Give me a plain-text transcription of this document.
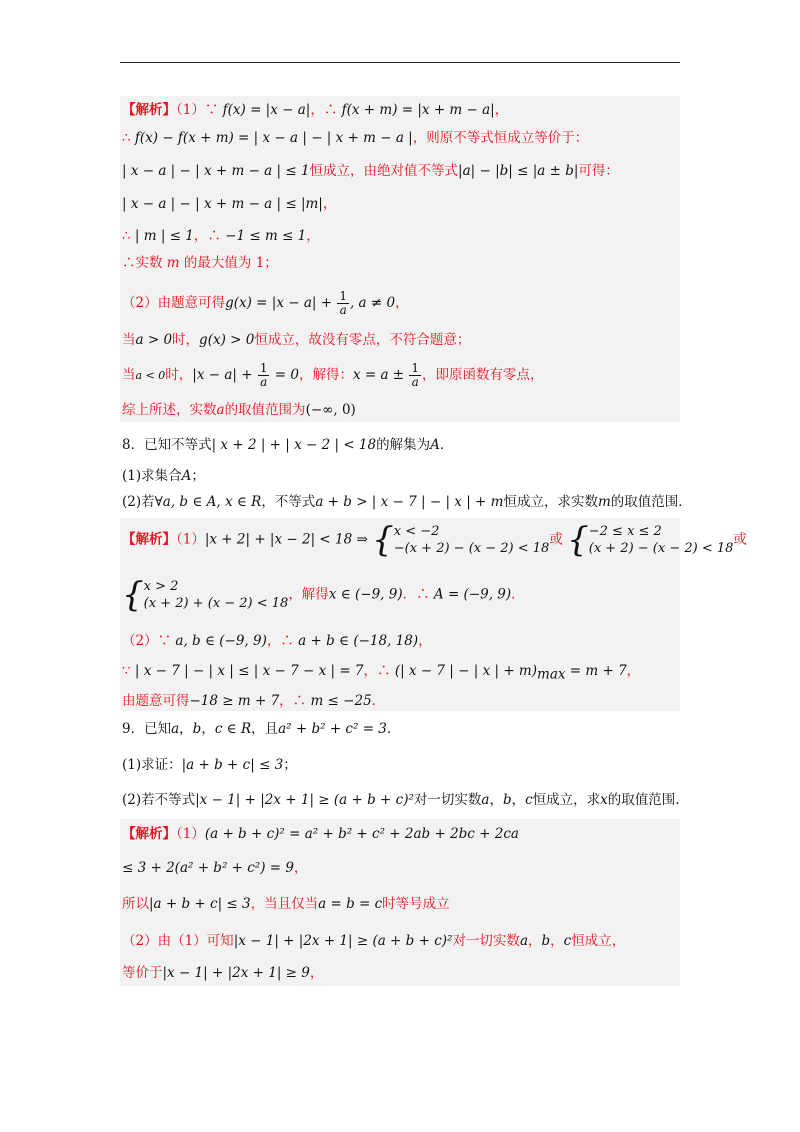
【解析】（1）∵ f(x) = |x − a|，∴ f(x + m) = |x + m − a|，
∴ f(x) − f(x + m) = | x − a | − | x + m − a |，则原不等式恒成立等价于：
| x − a | − | x + m − a | ≤ 1恒成立，由绝对值不等式|a| − |b| ≤ |a ± b|可得：
| x − a | − | x + m − a | ≤ |m|，
∴ | m | ≤ 1，∴ −1 ≤ m ≤ 1，
∴实数 m 的最大值为 1；
（2）由题意可得$g(x) = |x - a| + \frac{1}{a}$ , a ≠ 0，
当a > 0时，g(x) > 0恒成立，故没有零点，不符合题意；
当a < 0时，$|x - a| + \frac{1}{a} = 0$，解得：$x = a \pm \frac{1}{a}$ ，即原函数有零点，
综上所述，实数a的取值范围为(−∞, 0)
8．已知不等式| x + 2 | + | x − 2 | < 18的解集为A．
(1)求集合A；
(2)若∀a, b ∈ A, x ∈ R，不等式a + b > | x − 7 | − | x | + m恒成立，求实数m的取值范围．
【解析】（1）|x + 2| + |x − 2| < 18 ⇒ { x < −2
−(x + 2) − (x − 2) < 18
或 { −2 ≤ x ≤ 2
(x + 2) − (x − 2) < 18
或
{ x > 2
(x + 2) + (x − 2) < 18
，解得x ∈ (−9, 9)．∴ A = (−9, 9)．
（2）∵ a, b ∈ (−9, 9)，∴ a + b ∈ (−18, 18)，
∵ | x − 7 | − | x | ≤ | x − 7 − x | = 7，∴ (| x − 7 | − | x | + $m)_{max} = m + 7$，
由题意可得−18 ≥ m + 7，∴ m ≤ −25．
9．已知a，b，c ∈ R，且a² + b² + c² = 3．
(1)求证：|a + b + c| ≤ 3；
(2)若不等式|x − 1| + |2x + 1| ≥ (a + b + c)²对一切实数a，b，c恒成立，求x的取值范围.
【解析】（1）(a + b + c)² = a² + b² + c² + 2ab + 2bc + 2ca
≤ 3 + 2(a² + b² + c²) = 9，
所以|a + b + c| ≤ 3，当且仅当a = b = c时等号成立
（2）由（1）可知|x − 1| + |2x + 1| ≥ (a + b + c)²对一切实数a，b，c恒成立，
等价于|x − 1| + |2x + 1| ≥ 9，
